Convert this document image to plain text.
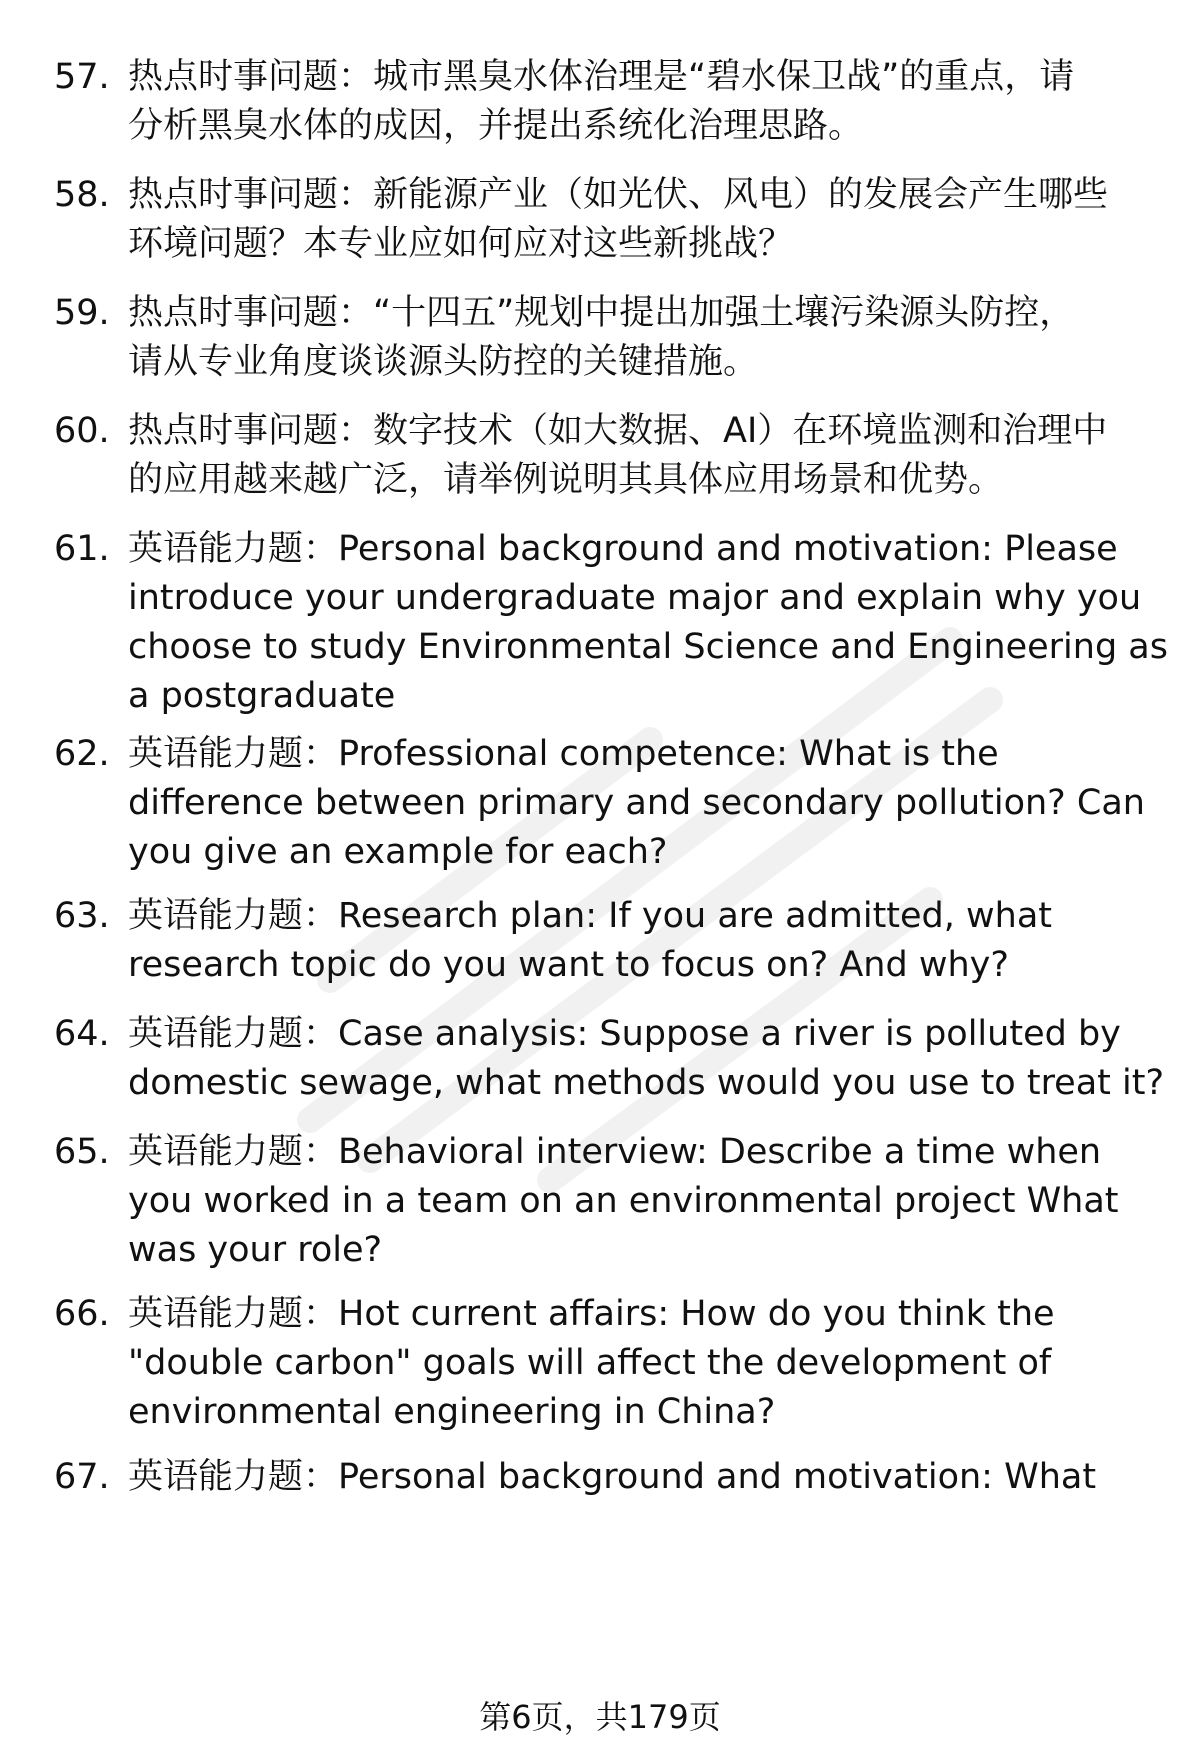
57. 热点时事问题：城市黑臭水体治理是“碧水保卫战”的重点，请
分析黑臭水体的成因，并提出系统化治理思路。
58. 热点时事问题：新能源产业（如光伏、风电）的发展会产生哪些
环境问题？本专业应如何应对这些新挑战？
59. 热点时事问题：“十四五”规划中提出加强土壤污染源头防控，
请从专业角度谈谈源头防控的关键措施。
60. 热点时事问题：数字技术（如大数据、AI）在环境监测和治理中
的应用越来越广泛，请举例说明其具体应用场景和优势。
61. 英语能力题：Personal background and motivation: Please
introduce your undergraduate major and explain why you
choose to study Environmental Science and Engineering as
a postgraduate
62. 英语能力题：Professional competence: What is the
difference between primary and secondary pollution? Can
you give an example for each?
63. 英语能力题：Research plan: If you are admitted, what
research topic do you want to focus on? And why?
64. 英语能力题：Case analysis: Suppose a river is polluted by
domestic sewage, what methods would you use to treat it?
65. 英语能力题：Behavioral interview: Describe a time when
you worked in a team on an environmental project What
was your role?
66. 英语能力题：Hot current affairs: How do you think the
"double carbon" goals will affect the development of
environmental engineering in China?
67. 英语能力题：Personal background and motivation: What
第6页，共179页
